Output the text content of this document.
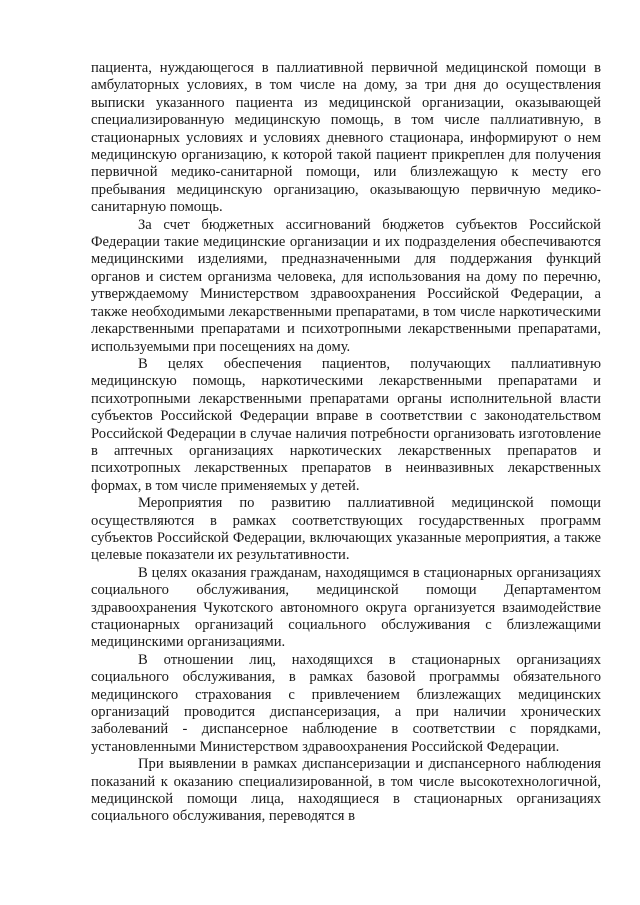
пациента, нуждающегося в паллиативной первичной медицинской помощи в амбулаторных условиях, в том числе на дому, за три дня до осуществления выписки указанного пациента из медицинской организации, оказывающей специализированную медицинскую помощь, в том числе паллиативную, в стационарных условиях и условиях дневного стационара, информируют о нем медицинскую организацию, к которой такой пациент прикреплен для получения первичной медико-санитарной помощи, или близлежащую к месту его пребывания медицинскую организацию, оказывающую первичную медико-санитарную помощь.

За счет бюджетных ассигнований бюджетов субъектов Российской Федерации такие медицинские организации и их подразделения обеспечиваются медицинскими изделиями, предназначенными для поддержания функций органов и систем организма человека, для использования на дому по перечню, утверждаемому Министерством здравоохранения Российской Федерации, а также необходимыми лекарственными препаратами, в том числе наркотическими лекарственными препаратами и психотропными лекарственными препаратами, используемыми при посещениях на дому.

В целях обеспечения пациентов, получающих паллиативную медицинскую помощь, наркотическими лекарственными препаратами и психотропными лекарственными препаратами органы исполнительной власти субъектов Российской Федерации вправе в соответствии с законодательством Российской Федерации в случае наличия потребности организовать изготовление в аптечных организациях наркотических лекарственных препаратов и психотропных лекарственных препаратов в неинвазивных лекарственных формах, в том числе применяемых у детей.

Мероприятия по развитию паллиативной медицинской помощи осуществляются в рамках соответствующих государственных программ субъектов Российской Федерации, включающих указанные мероприятия, а также целевые показатели их результативности.

В целях оказания гражданам, находящимся в стационарных организациях социального обслуживания, медицинской помощи Департаментом здравоохранения Чукотского автономного округа организуется взаимодействие стационарных организаций социального обслуживания с близлежащими медицинскими организациями.

В отношении лиц, находящихся в стационарных организациях социального обслуживания, в рамках базовой программы обязательного медицинского страхования с привлечением близлежащих медицинских организаций проводится диспансеризация, а при наличии хронических заболеваний - диспансерное наблюдение в соответствии с порядками, установленными Министерством здравоохранения Российской Федерации.

При выявлении в рамках диспансеризации и диспансерного наблюдения показаний к оказанию специализированной, в том числе высокотехнологичной, медицинской помощи лица, находящиеся в стационарных организациях социального обслуживания, переводятся в
